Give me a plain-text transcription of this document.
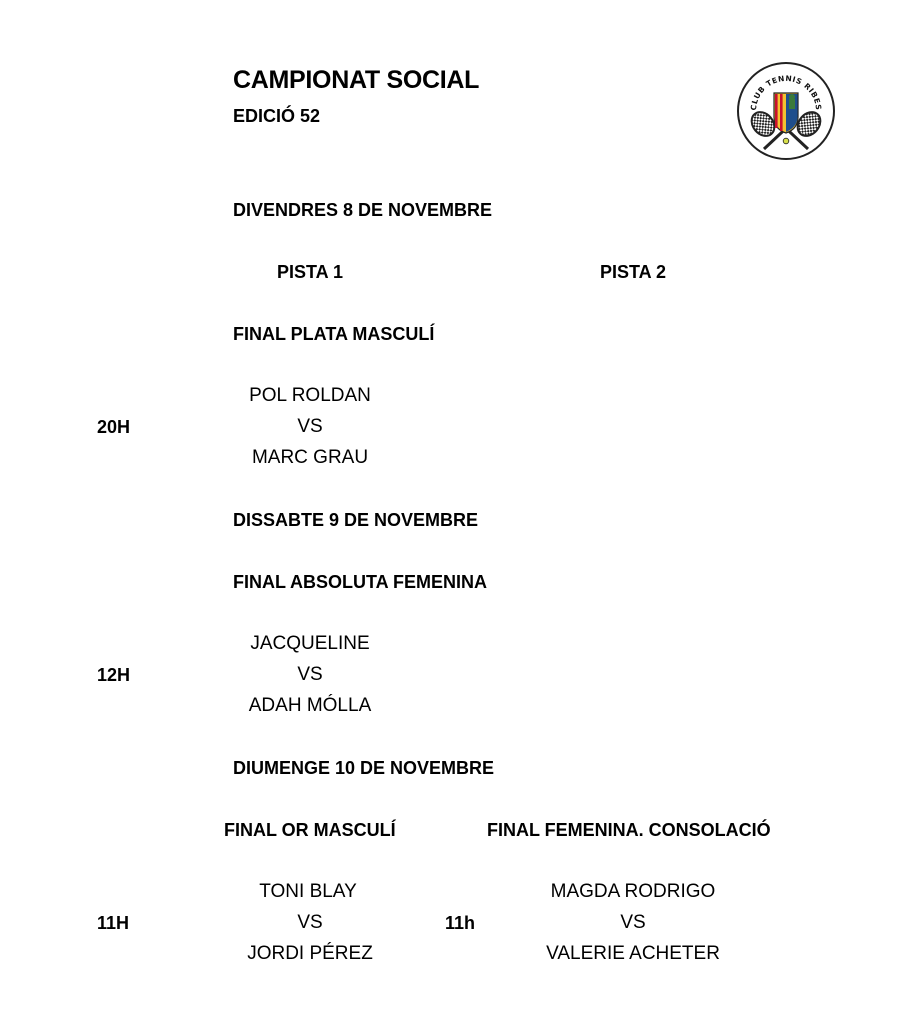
CAMPIONAT SOCIAL
EDICIÓ 52	CLUB TENNIS RIBES
DIVENDRES 8 DE NOVEMBRE
PISTA 1	PISTA 2
FINAL PLATA MASCULÍ
POL ROLDAN
20H	VS
MARC GRAU
DISSABTE 9 DE NOVEMBRE
FINAL ABSOLUTA FEMENINA
JACQUELINE
12H	VS
ADAH MÓLLA
DIUMENGE 10 DE NOVEMBRE
FINAL OR MASCULÍ	FINAL FEMENINA. CONSOLACIÓ
TONI BLAY
11H	VS
JORDI PÉREZ
MAGDA RODRIGO
11h	VS
VALERIE ACHETER
